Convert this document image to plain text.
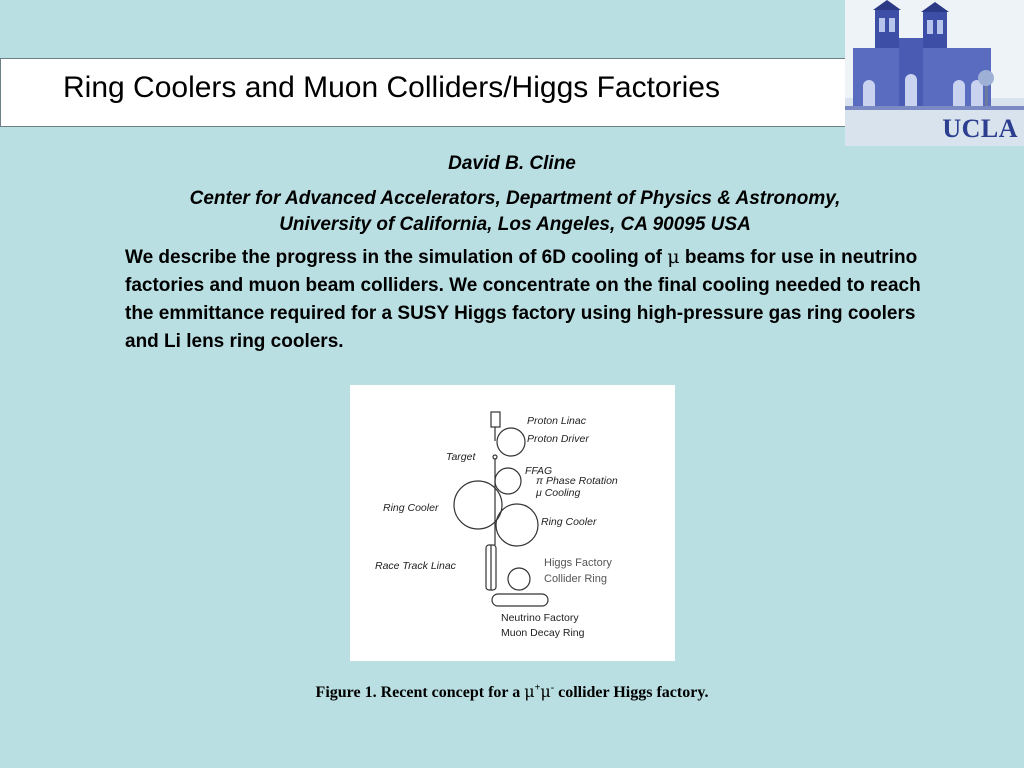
Ring Coolers and Muon Colliders/Higgs Factories
UCLA
David B. Cline
Center for Advanced Accelerators, Department of Physics & Astronomy,
University of California, Los Angeles, CA 90095 USA
We describe the progress in the simulation of 6D cooling of μ beams for use in neutrino factories and muon beam colliders. We concentrate on the final cooling needed to reach the emmittance required for a SUSY Higgs factory using high-pressure gas ring coolers and Li lens ring coolers.
Proton Linac
Proton Driver
Target
FFAG
π Phase Rotation
μ Cooling
Ring Cooler
Ring Cooler
Race Track Linac	Higgs Factory
Collider Ring
Neutrino Factory
Muon Decay Ring
Figure 1. Recent concept for a μ+μ- collider Higgs factory.
